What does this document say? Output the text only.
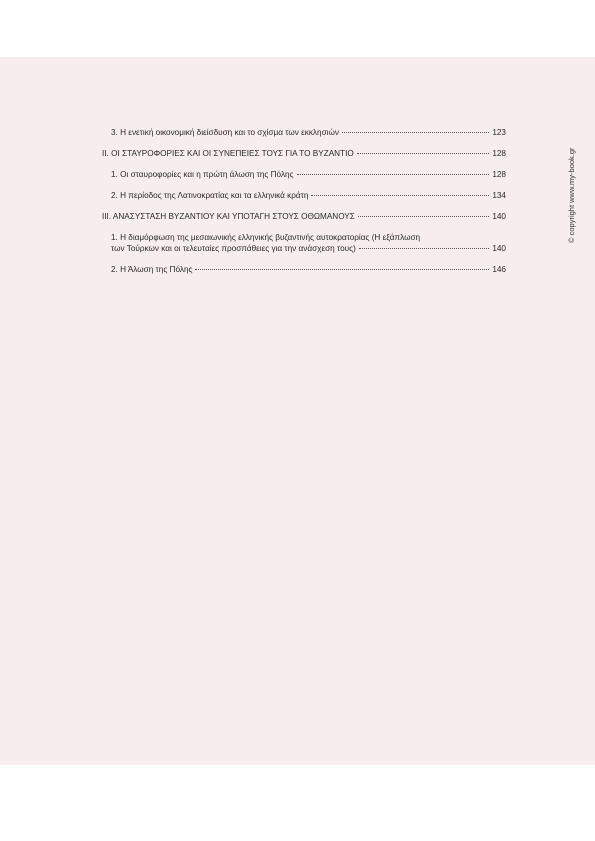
3. Η ενετική οικονομική διείσδυση και το σχίσμα των εκκλησιών	123
ΙΙ. ΟΙ ΣΤΑΥΡΟΦΟΡΙΕΣ ΚΑΙ ΟΙ ΣΥΝΕΠΕΙΕΣ ΤΟΥΣ ΓΙΑ ΤΟ ΒΥΖΑΝΤΙΟ	128
1. Οι σταυροφορίες και η πρώτη άλωση της Πόλης	128
2. Η περίοδος της Λατινοκρατίας και τα ελληνικά κράτη	134
ΙΙΙ. ΑΝΑΣΥΣΤΑΣΗ ΒΥΖΑΝΤΙΟΥ ΚΑΙ ΥΠΟΤΑΓΗ ΣΤΟΥΣ ΟΘΩΜΑΝΟΥΣ	140
1. Η διαμόρφωση της μεσαιωνικής ελληνικής βυζαντινής αυτοκρατορίας (Η εξάπλωση
των Τούρκων και οι τελευταίες προσπάθειες για την ανάσχεση τους)	140
2. Η Άλωση της Πόλης	146
© copyright www.my-book.gr
